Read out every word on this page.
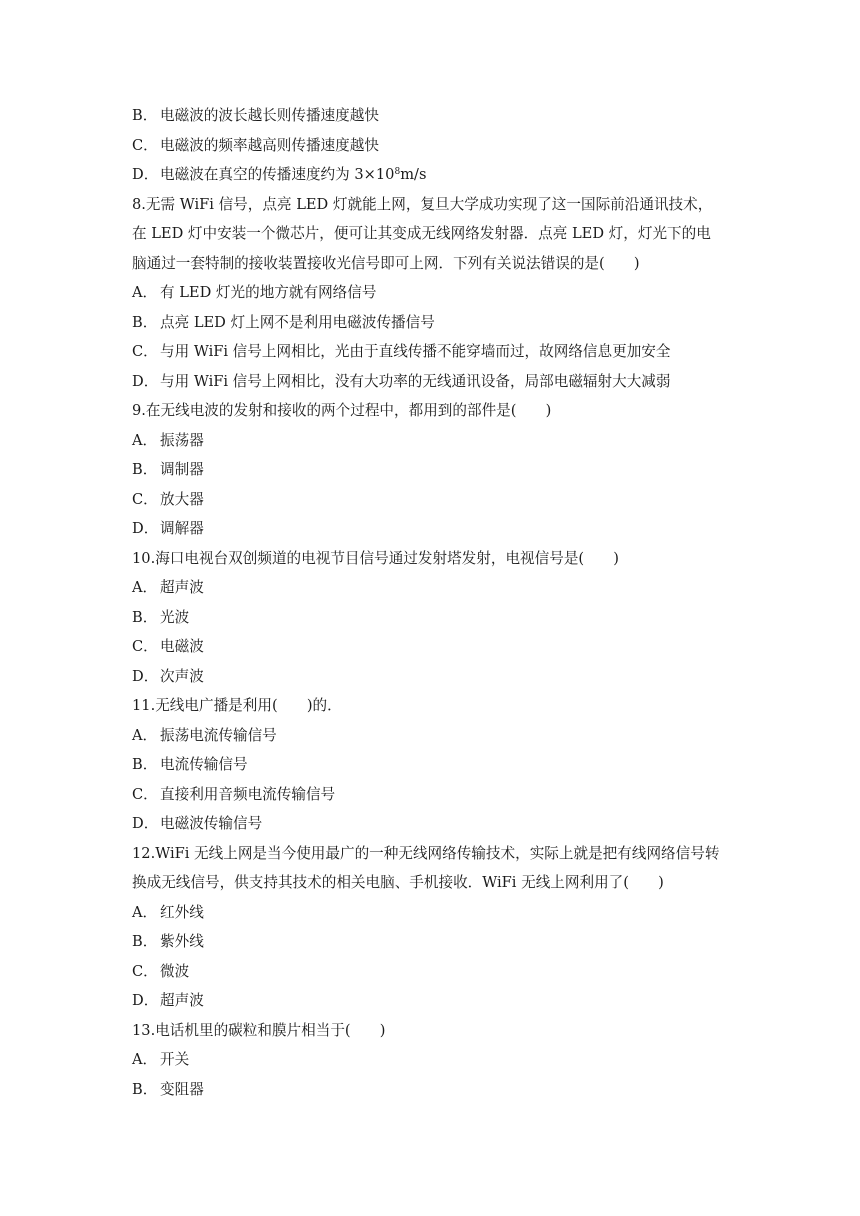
B． 电磁波的波长越长则传播速度越快
C． 电磁波的频率越高则传播速度越快
D． 电磁波在真空的传播速度约为 $3\times 10^8m/s$
8.无需 WiFi 信号，点亮 LED 灯就能上网，复旦大学成功实现了这一国际前沿通讯技术，
在 LED 灯中安装一个微芯片，便可让其变成无线网络发射器．点亮 LED 灯，灯光下的电
脑通过一套特制的接收装置接收光信号即可上网．下列有关说法错误的是(　　)
A． 有 LED 灯光的地方就有网络信号
B． 点亮 LED 灯上网不是利用电磁波传播信号
C． 与用 WiFi 信号上网相比，光由于直线传播不能穿墙而过，故网络信息更加安全
D． 与用 WiFi 信号上网相比，没有大功率的无线通讯设备，局部电磁辐射大大减弱
9.在无线电波的发射和接收的两个过程中，都用到的部件是(　　)
A． 振荡器
B． 调制器
C． 放大器
D． 调解器
10.海口电视台双创频道的电视节目信号通过发射塔发射，电视信号是(　　)
A． 超声波
B． 光波
C． 电磁波
D． 次声波
11.无线电广播是利用(　　)的．
A． 振荡电流传输信号
B． 电流传输信号
C． 直接利用音频电流传输信号
D． 电磁波传输信号
12.WiFi 无线上网是当今使用最广的一种无线网络传输技术，实际上就是把有线网络信号转
换成无线信号，供支持其技术的相关电脑、手机接收．WiFi 无线上网利用了(　　)
A． 红外线
B． 紫外线
C． 微波
D． 超声波
13.电话机里的碳粒和膜片相当于(　　)
A． 开关
B． 变阻器
